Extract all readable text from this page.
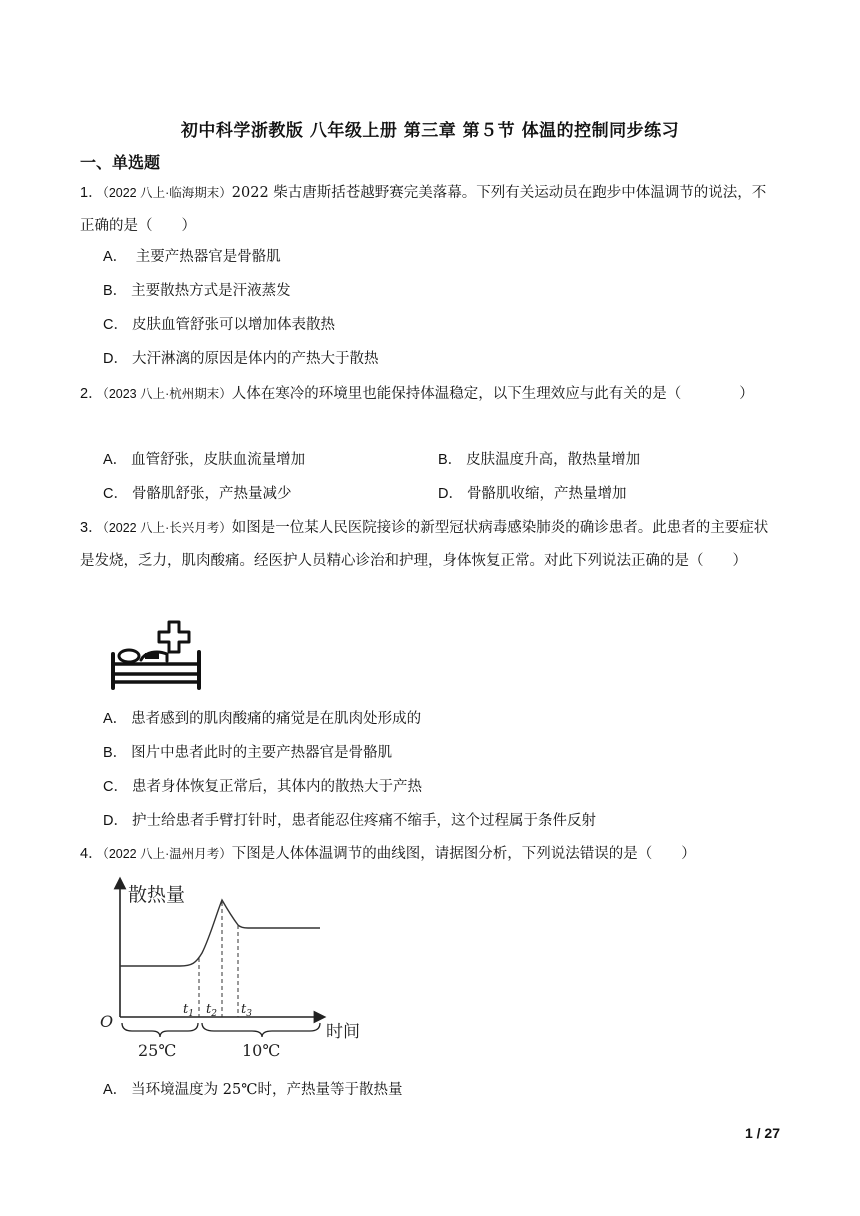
初中科学浙教版 八年级上册 第三章 第５节 体温的控制同步练习
一、单选题
1．（2022 八上·临海期末）2022 柴古唐斯括苍越野赛完美落幕。下列有关运动员在跑步中体温调节的说法，不正确的是（　　）
A． 主要产热器官是骨骼肌
B． 主要散热方式是汗液蒸发
C． 皮肤血管舒张可以增加体表散热
D． 大汗淋漓的原因是体内的产热大于散热
2．（2023 八上·杭州期末）人体在寒冷的环境里也能保持体温稳定，以下生理效应与此有关的是（　　　　）
A． 血管舒张，皮肤血流量增加	B． 皮肤温度升高，散热量增加
C． 骨骼肌舒张，产热量减少	D． 骨骼肌收缩，产热量增加
3．（2022 八上·长兴月考）如图是一位某人民医院接诊的新型冠状病毒感染肺炎的确诊患者。此患者的主要症状是发烧，乏力，肌肉酸痛。经医护人员精心诊治和护理，身体恢复正常。对此下列说法正确的是（　　）
A． 患者感到的肌肉酸痛的痛觉是在肌肉处形成的
B． 图片中患者此时的主要产热器官是骨骼肌
C． 患者身体恢复正常后，其体内的散热大于产热
D． 护士给患者手臂打针时，患者能忍住疼痛不缩手，这个过程属于条件反射
4．（2022 八上·温州月考）下图是人体体温调节的曲线图，请据图分析，下列说法错误的是（　　）
散热量
O
$t_1$ $t_2$ $t_3$
时间
25℃	10℃
A． 当环境温度为 25℃时，产热量等于散热量
1 / 27
